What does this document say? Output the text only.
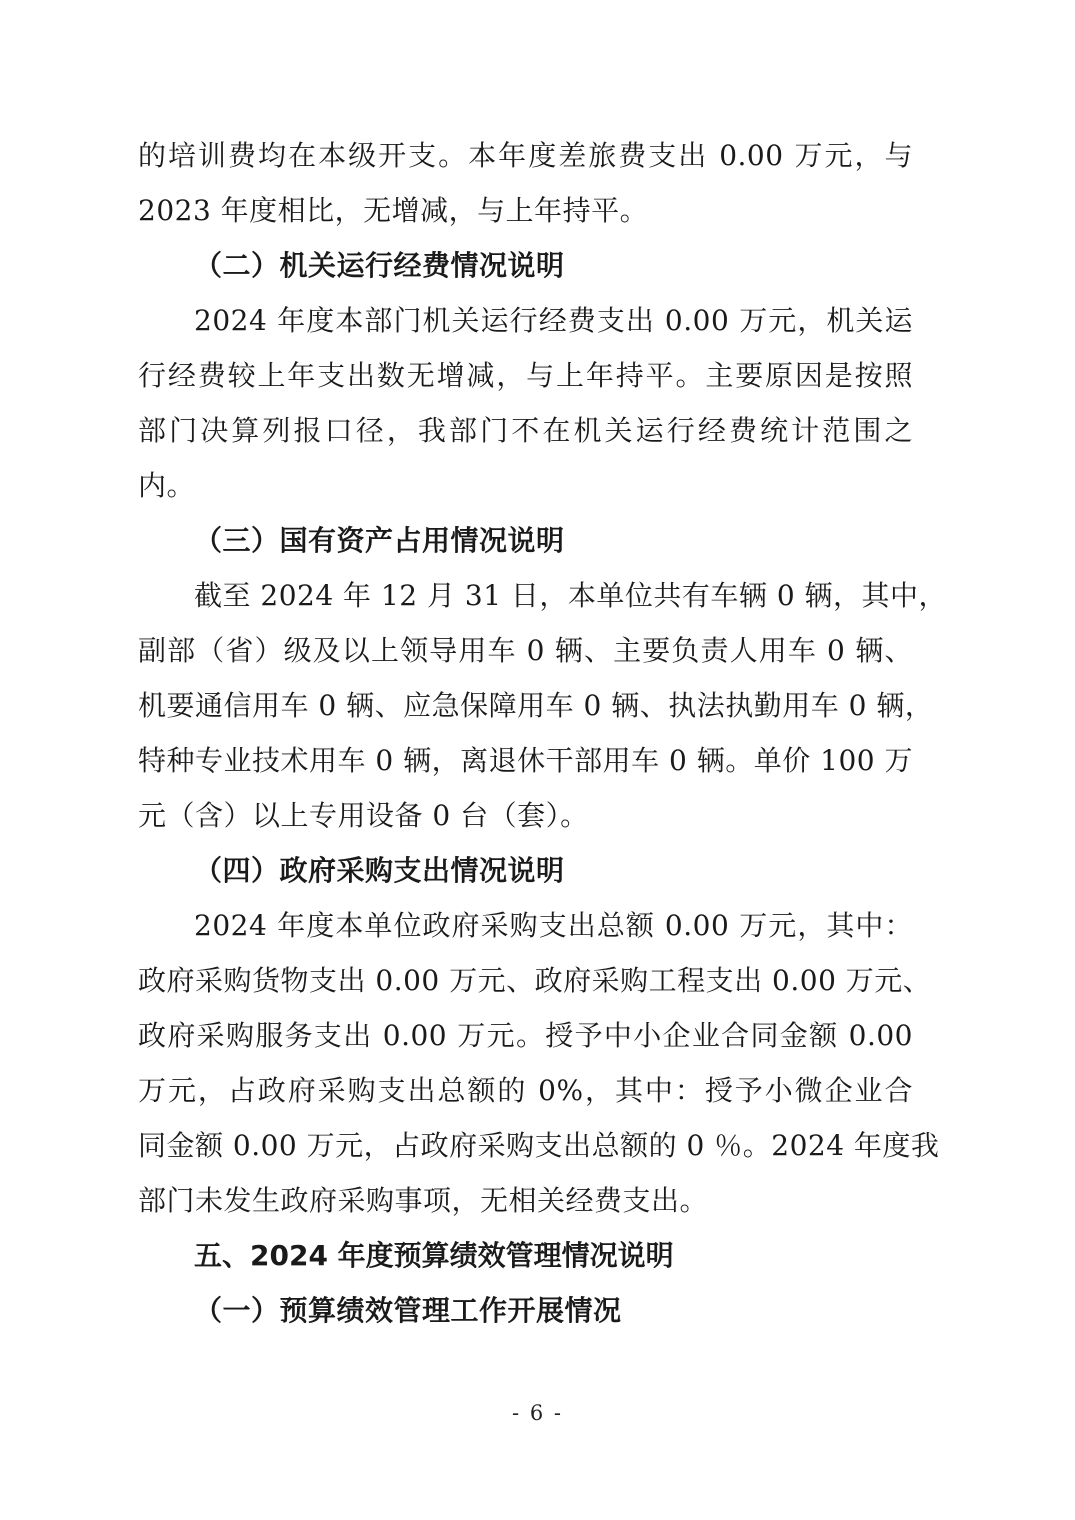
的培训费均在本级开支。本年度差旅费支出 0.00 万元，与
2023 年度相比，无增减，与上年持平。
（二）机关运行经费情况说明
2024 年度本部门机关运行经费支出 0.00 万元，机关运
行经费较上年支出数无增减，与上年持平。主要原因是按照
部门决算列报口径，我部门不在机关运行经费统计范围之
内。
（三）国有资产占用情况说明
截至 2024 年 12 月 31 日，本单位共有车辆 0 辆，其中，
副部（省）级及以上领导用车 0 辆、主要负责人用车 0 辆、
机要通信用车 0 辆、应急保障用车 0 辆、执法执勤用车 0 辆，
特种专业技术用车 0 辆，离退休干部用车 0 辆。单价 100 万
元（含）以上专用设备 0 台（套）。
（四）政府采购支出情况说明
2024 年度本单位政府采购支出总额 0.00 万元，其中：
政府采购货物支出 0.00 万元、政府采购工程支出 0.00 万元、
政府采购服务支出 0.00 万元。授予中小企业合同金额 0.00
万元，占政府采购支出总额的 0%，其中：授予小微企业合
同金额 0.00 万元，占政府采购支出总额的 0 ％。2024 年度我
部门未发生政府采购事项，无相关经费支出。
五、2024 年度预算绩效管理情况说明
（一）预算绩效管理工作开展情况
- 6 -
